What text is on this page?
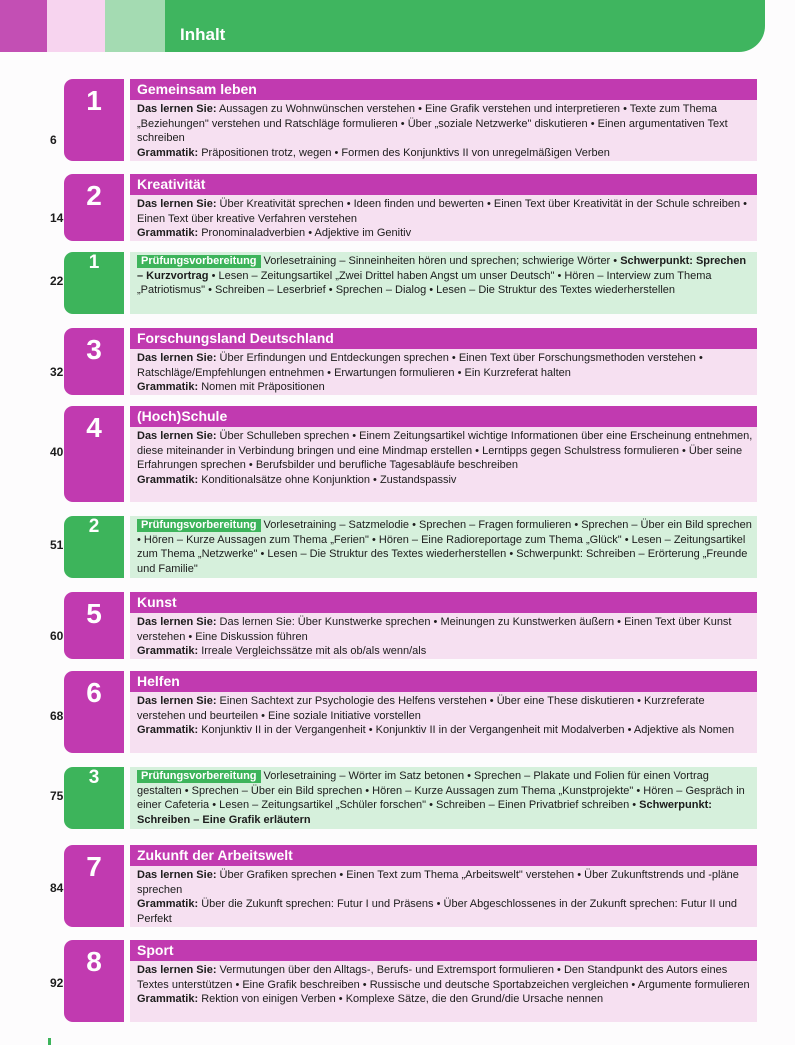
Inhalt
1
6
Gemeinsam leben

Das lernen Sie: Aussagen zu Wohnwünschen verstehen • Eine Grafik verstehen und interpretieren • Texte zum Thema „Beziehungen" verstehen und Ratschläge formulieren • Über „soziale Netzwerke" diskutieren • Einen argumentativen Text schreiben

Grammatik: Präpositionen trotz, wegen • Formen des Konjunktivs II von unregelmäßigen Verben

2
14
Kreativität

Das lernen Sie: Über Kreativität sprechen • Ideen finden und bewerten • Einen Text über Kreativität in der Schule schreiben • Einen Text über kreative Verfahren verstehen

Grammatik: Pronominaladverbien • Adjektive im Genitiv

1
22

Prüfungsvorbereitung Vorlesetraining – Sinneinheiten hören und sprechen; schwierige Wörter • Schwerpunkt: Sprechen – Kurzvortrag • Lesen – Zeitungsartikel „Zwei Drittel haben Angst um unser Deutsch" • Hören – Interview zum Thema „Patriotismus" • Schreiben – Leserbrief • Sprechen – Dialog • Lesen – Die Struktur des Textes wiederherstellen

3
32
Forschungsland Deutschland

Das lernen Sie: Über Erfindungen und Entdeckungen sprechen • Einen Text über Forschungsmethoden verstehen • Ratschläge/Empfehlungen entnehmen • Erwartungen formulieren • Ein Kurzreferat halten

Grammatik: Nomen mit Präpositionen

4
40
(Hoch)Schule

Das lernen Sie: Über Schulleben sprechen • Einem Zeitungsartikel wichtige Informationen über eine Erscheinung entnehmen, diese miteinander in Verbindung bringen und eine Mindmap erstellen • Lerntipps gegen Schulstress formulieren • Über seine Erfahrungen sprechen • Berufsbilder und berufliche Tagesabläufe beschreiben

Grammatik: Konditionalsätze ohne Konjunktion • Zustandspassiv

2
51

Prüfungsvorbereitung Vorlesetraining – Satzmelodie • Sprechen – Fragen formulieren • Sprechen – Über ein Bild sprechen • Hören – Kurze Aussagen zum Thema „Ferien" • Hören – Eine Radioreportage zum Thema „Glück" • Lesen – Zeitungsartikel zum Thema „Netzwerke" • Lesen – Die Struktur des Textes wiederherstellen • Schwerpunkt: Schreiben – Erörterung „Freunde und Familie"

5
60
Kunst

Das lernen Sie: Das lernen Sie: Über Kunstwerke sprechen • Meinungen zu Kunstwerken äußern • Einen Text über Kunst verstehen • Eine Diskussion führen

Grammatik: Irreale Vergleichssätze mit als ob/als wenn/als

6
68
Helfen

Das lernen Sie: Einen Sachtext zur Psychologie des Helfens verstehen • Über eine These diskutieren • Kurzreferate verstehen und beurteilen • Eine soziale Initiative vorstellen

Grammatik: Konjunktiv II in der Vergangenheit • Konjunktiv II in der Vergangenheit mit Modalverben • Adjektive als Nomen

3
75

Prüfungsvorbereitung Vorlesetraining – Wörter im Satz betonen • Sprechen – Plakate und Folien für einen Vortrag gestalten • Sprechen – Über ein Bild sprechen • Hören – Kurze Aussagen zum Thema „Kunstprojekte" • Hören – Gespräch in einer Cafeteria • Lesen – Zeitungsartikel „Schüler forschen" • Schreiben – Einen Privatbrief schreiben • Schwerpunkt: Schreiben – Eine Grafik erläutern

7
84
Zukunft der Arbeitswelt

Das lernen Sie: Über Grafiken sprechen • Einen Text zum Thema „Arbeitswelt" verstehen • Über Zukunftstrends und -pläne sprechen

Grammatik: Über die Zukunft sprechen: Futur I und Präsens • Über Abgeschlossenes in der Zukunft sprechen: Futur II und Perfekt

8
92
Sport

Das lernen Sie: Vermutungen über den Alltags-, Berufs- und Extremsport formulieren • Den Standpunkt des Autors eines Textes unterstützen • Eine Grafik beschreiben • Russische und deutsche Sportabzeichen vergleichen • Argumente formulieren

Grammatik: Rektion von einigen Verben • Komplexe Sätze, die den Grund/die Ursache nennen
